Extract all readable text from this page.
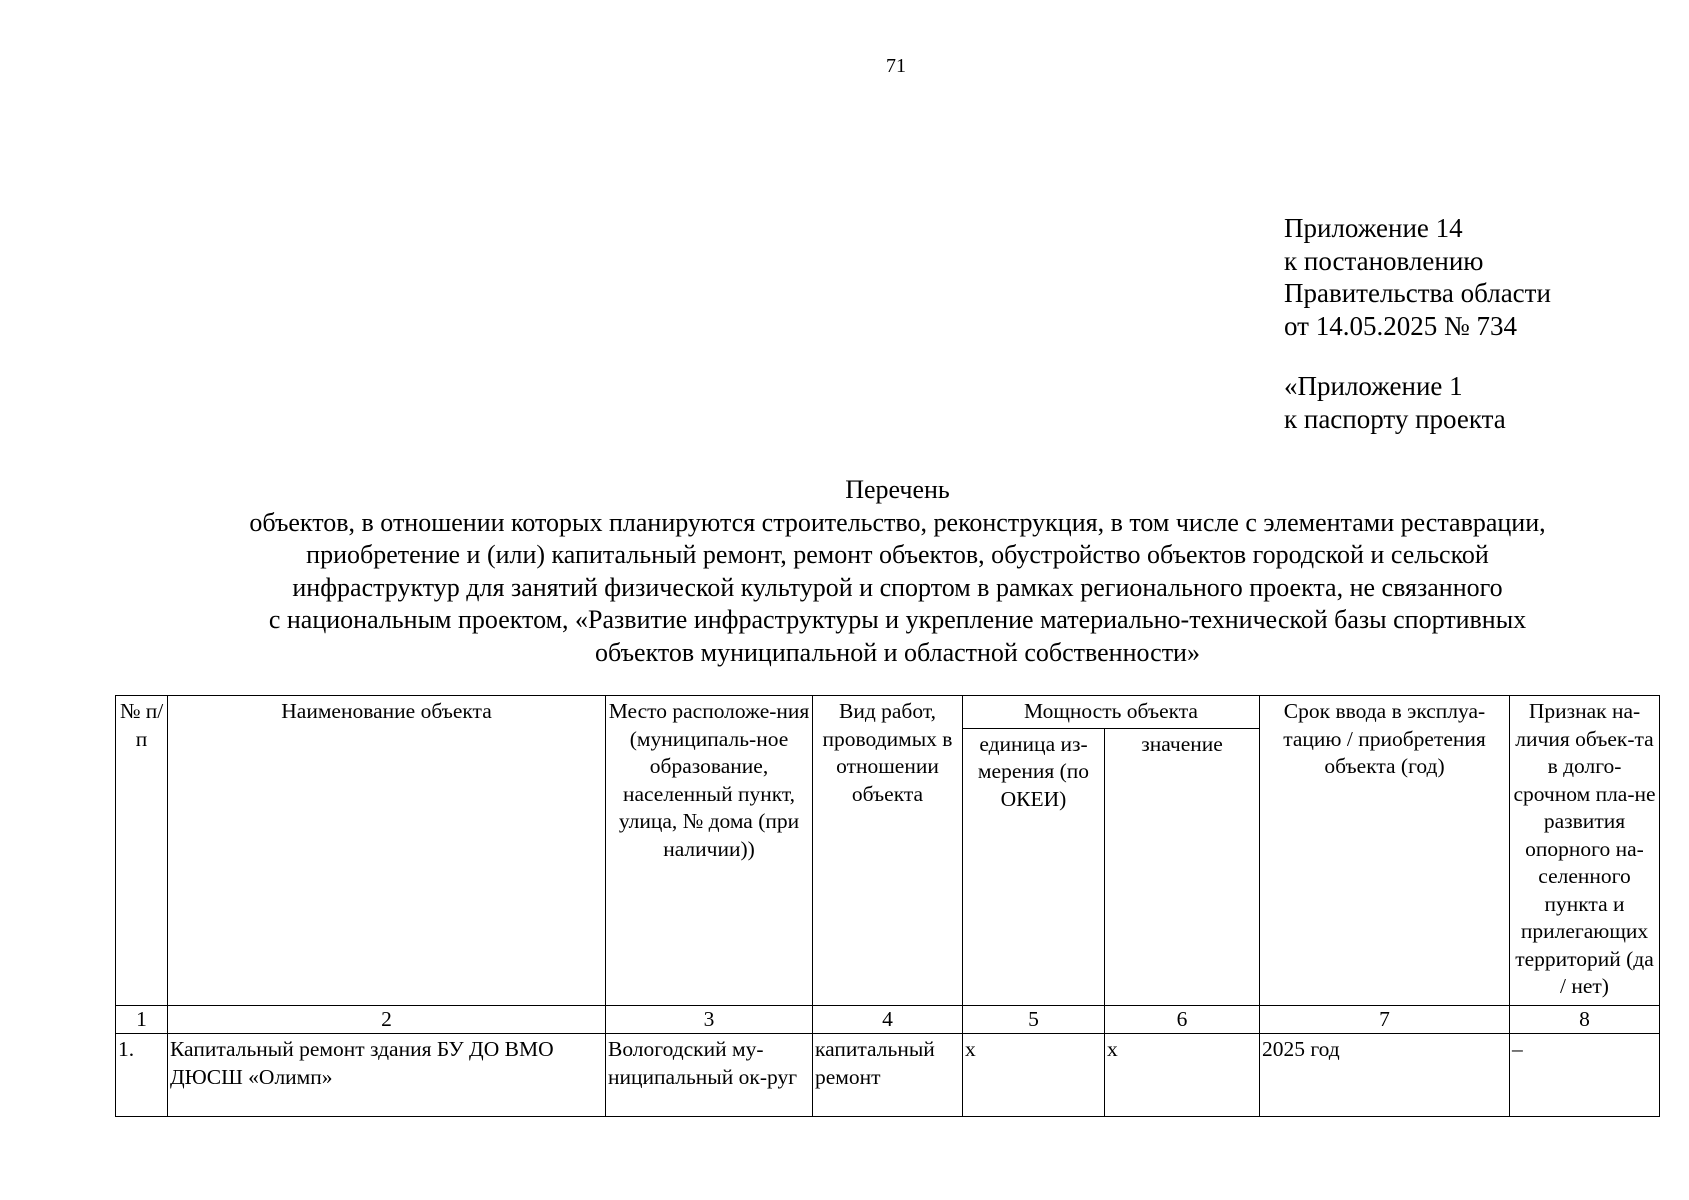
71
Приложение 14
к постановлению
Правительства области
от 14.05.2025 № 734
«Приложение 1
к паспорту проекта
Перечень
объектов, в отношении которых планируются строительство, реконструкция, в том числе с элементами реставрации,
приобретение и (или) капитальный ремонт, ремонт объектов, обустройство объектов городской и сельской
инфраструктур для занятий физической культурой и спортом в рамках регионального проекта, не связанного
с национальным проектом, «Развитие инфраструктуры и укрепление материально-технической базы спортивных
объектов муниципальной и областной собственности»
№ п/п	Наименование объекта	Место расположе-ния (муниципаль-ное образование, населенный пункт, улица, № дома (при наличии))	Вид работ, проводимых в отношении объекта	Мощность объекта		Срок ввода в эксплуа-тацию / приобретения объекта (год)	Признак на-личия объек-та в долго-срочном пла-не развития опорного на-селенного пункта и прилегающих территорий (да / нет)
				единица из-мерения (по ОКЕИ)	значение		
1	2	3	4	5	6	7	8
1.	Капитальный ремонт здания БУ ДО ВМО ДЮСШ «Олимп»	Вологодский му-ниципальный ок-руг	капитальный ремонт	х	х	2025 год	–
